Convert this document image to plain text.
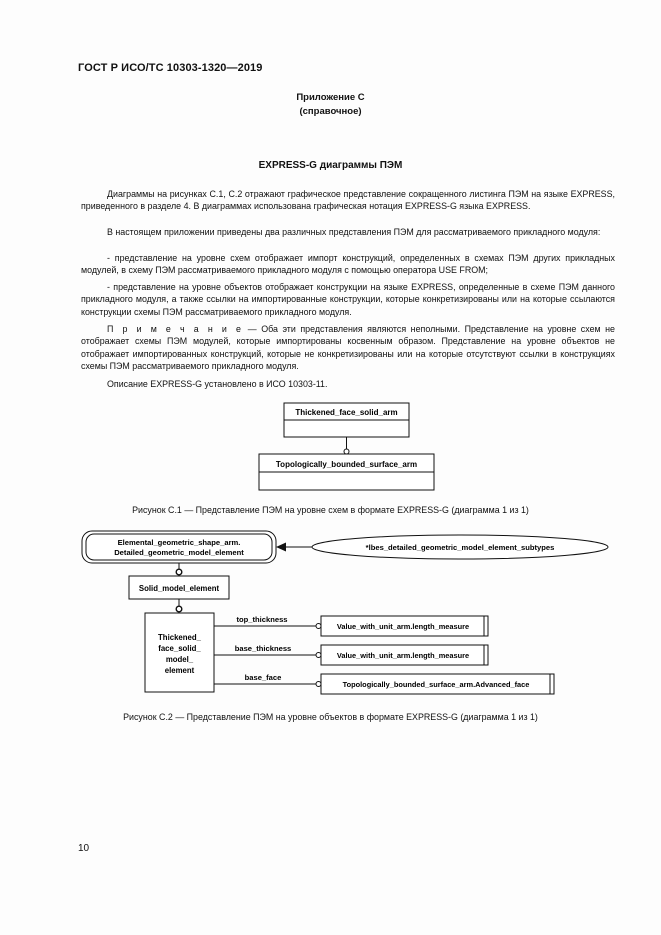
ГОСТ Р ИСО/ТС 10303-1320—2019
Приложение С
(справочное)
EXPRESS-G диаграммы ПЭМ

Диаграммы на рисунках С.1, С.2 отражают графическое представление сокращенного листинга ПЭМ на языке EXPRESS, приведенного в разделе 4. В диаграммах использована графическая нотация EXPRESS-G языка EXPRESS.

В настоящем приложении приведены два различных представления ПЭМ для рассматриваемого прикладного модуля:

- представление на уровне схем отображает импорт конструкций, определенных в схемах ПЭМ других прикладных модулей, в схему ПЭМ рассматриваемого прикладного модуля с помощью оператора USE FROM;

- представление на уровне объектов отображает конструкции на языке EXPRESS, определенные в схеме ПЭМ данного прикладного модуля, а также ссылки на импортированные конструкции, которые конкретизированы или на которые ссылаются конструкции схемы ПЭМ рассматриваемого прикладного модуля.

П р и м е ч а н и е — Оба эти представления являются неполными. Представление на уровне схем не отображает схемы ПЭМ модулей, которые импортированы косвенным образом. Представление на уровне объектов не отображает импортированных конструкций, которые не конкретизированы или на которые отсутствуют ссылки в конструкциях схемы ПЭМ рассматриваемого прикладного модуля.

Описание EXPRESS-G установлено в ИСО 10303-11.

Thickened_face_solid_arm
Topologically_bounded_surface_arm
Рисунок С.1 — Представление ПЭМ на уровне схем в формате EXPRESS-G (диаграмма 1 из 1)
Elemental_geometric_shape_arm.
Detailed_geometric_model_element
*lbes_detailed_geometric_model_element_subtypes
Solid_model_element
Thickened_
face_solid_
model_
element
top_thickness
Value_with_unit_arm.length_measure
base_thickness
Value_with_unit_arm.length_measure
base_face
Topologically_bounded_surface_arm.Advanced_face
Рисунок С.2 — Представление ПЭМ на уровне объектов в формате EXPRESS-G (диаграмма 1 из 1)
10
